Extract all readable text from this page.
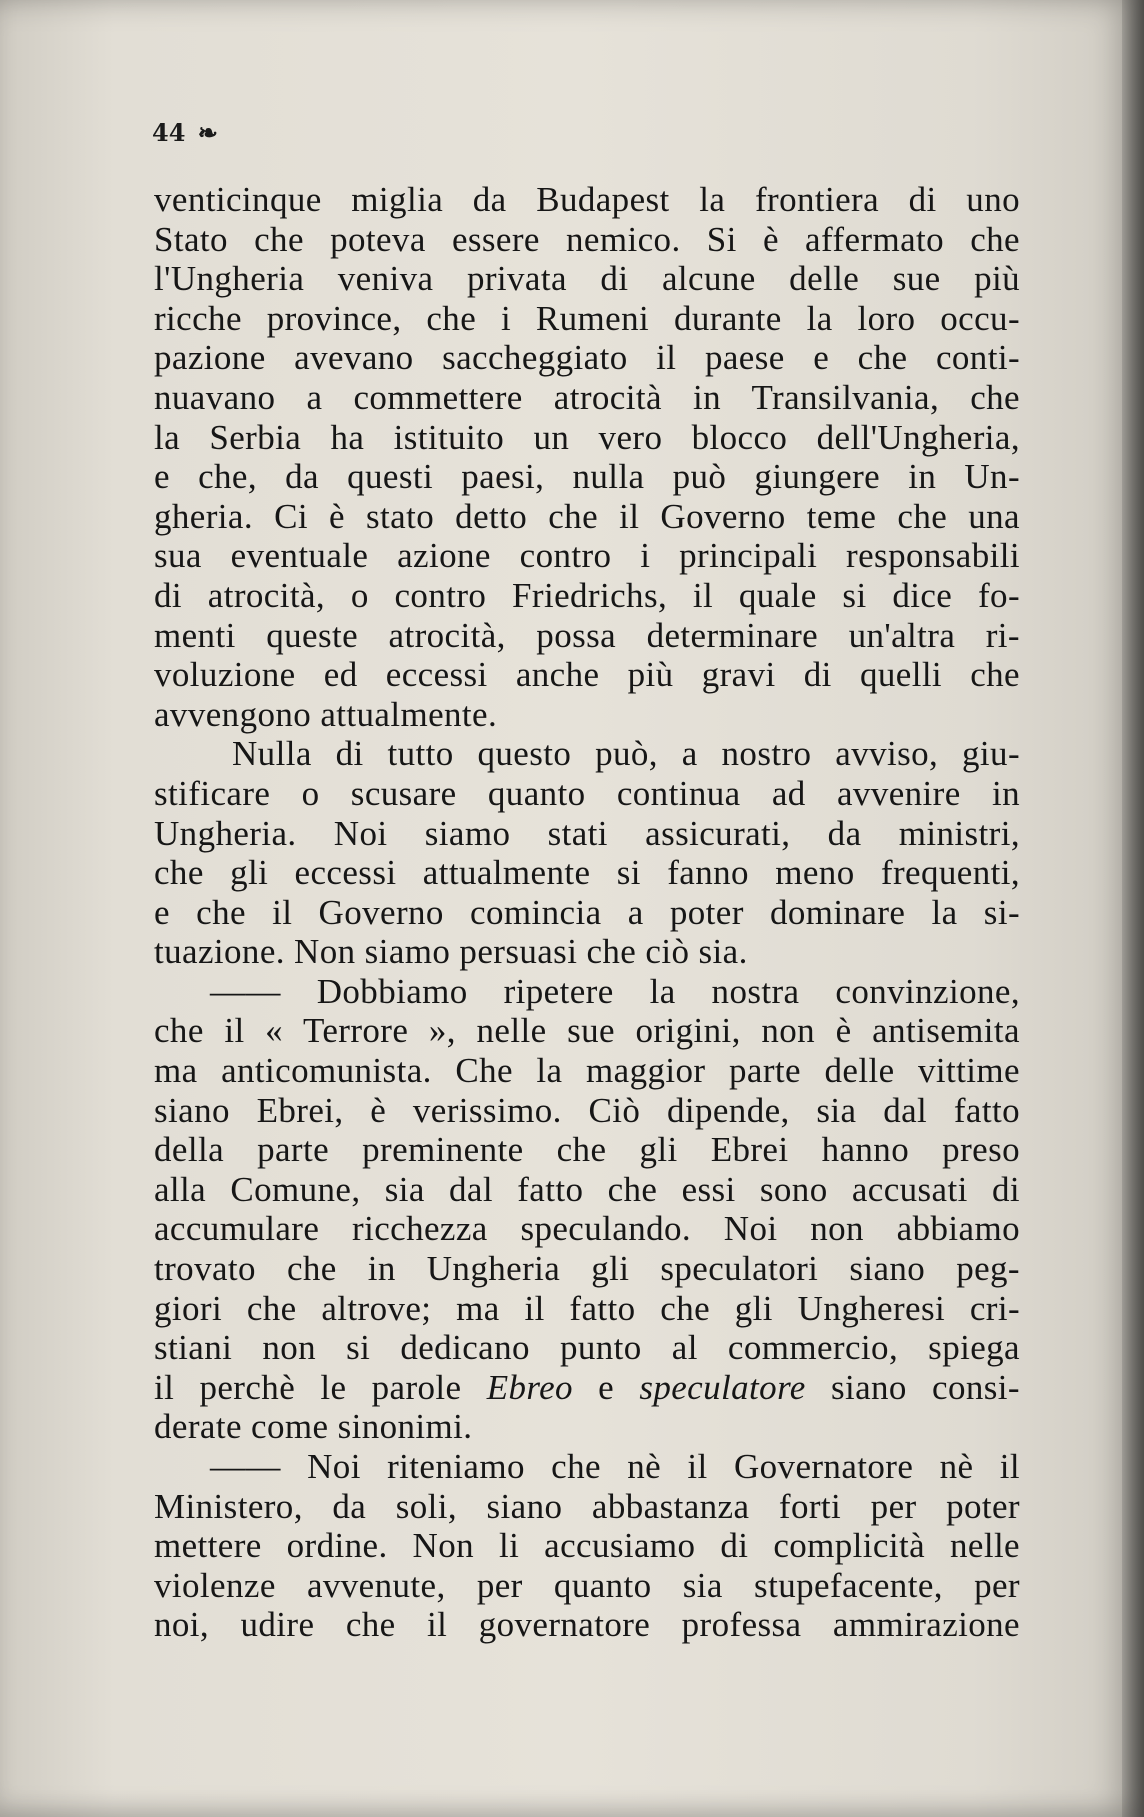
44 ❧
venticinque miglia da Budapest la frontiera di uno
Stato che poteva essere nemico. Si è affermato che
l'Ungheria veniva privata di alcune delle sue più
ricche province, che i Rumeni durante la loro occu-
pazione avevano saccheggiato il paese e che conti-
nuavano a commettere atrocità in Transilvania, che
la Serbia ha istituito un vero blocco dell'Ungheria,
e che, da questi paesi, nulla può giungere in Un-
gheria. Ci è stato detto che il Governo teme che una
sua eventuale azione contro i principali responsabili
di atrocità, o contro Friedrichs, il quale si dice fo-
menti queste atrocità, possa determinare un'altra ri-
voluzione ed eccessi anche più gravi di quelli che
avvengono attualmente.
Nulla di tutto questo può, a nostro avviso, giu-
stificare o scusare quanto continua ad avvenire in
Ungheria. Noi siamo stati assicurati, da ministri,
che gli eccessi attualmente si fanno meno frequenti,
e che il Governo comincia a poter dominare la si-
tuazione. Non siamo persuasi che ciò sia.
—— Dobbiamo ripetere la nostra convinzione,
che il « Terrore », nelle sue origini, non è antisemita
ma anticomunista. Che la maggior parte delle vittime
siano Ebrei, è verissimo. Ciò dipende, sia dal fatto
della parte preminente che gli Ebrei hanno preso
alla Comune, sia dal fatto che essi sono accusati di
accumulare ricchezza speculando. Noi non abbiamo
trovato che in Ungheria gli speculatori siano peg-
giori che altrove; ma il fatto che gli Ungheresi cri-
stiani non si dedicano punto al commercio, spiega
il perchè le parole Ebreo e speculatore siano consi-
derate come sinonimi.
—— Noi riteniamo che nè il Governatore nè il
Ministero, da soli, siano abbastanza forti per poter
mettere ordine. Non li accusiamo di complicità nelle
violenze avvenute, per quanto sia stupefacente, per
noi, udire che il governatore professa ammirazione
